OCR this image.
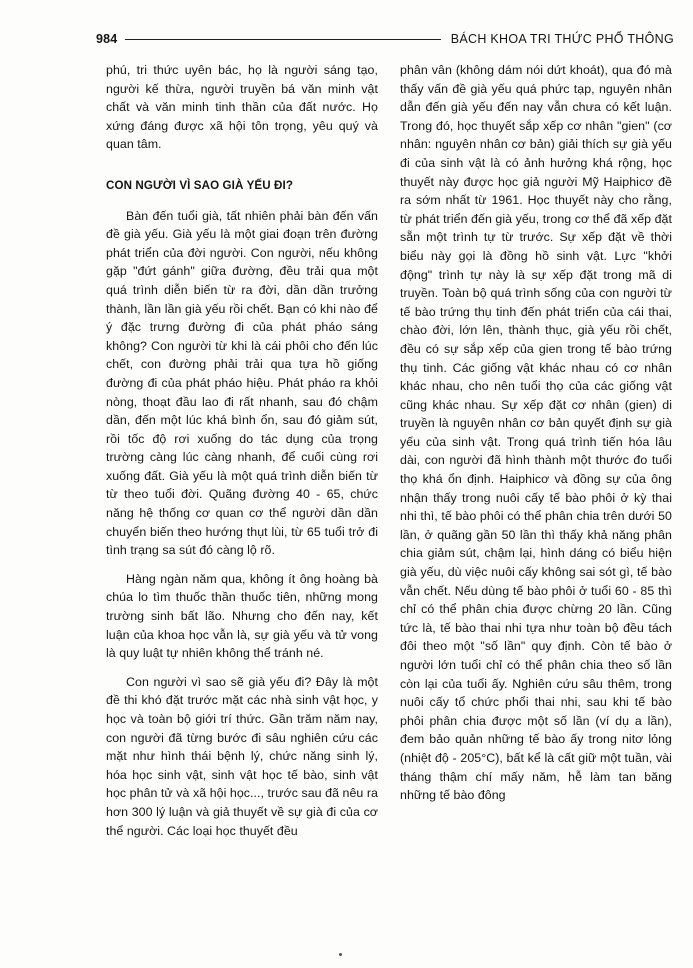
984	BÁCH KHOA TRI THỨC PHỔ THÔNG

phú, tri thức uyên bác, họ là người sáng tạo, người kế thừa, người truyền bá văn minh vật chất và văn minh tinh thần của đất nước. Họ xứng đáng được xã hội tôn trọng, yêu quý và quan tâm.

CON NGƯỜI VÌ SAO GIÀ YẾU ĐI?

Bàn đến tuổi già, tất nhiên phải bàn đến vấn đề già yếu. Già yếu là một giai đoạn trên đường phát triển của đời người. Con người, nếu không gặp "đứt gánh" giữa đường, đều trải qua một quá trình diễn biến từ ra đời, dần dần trưởng thành, lần lần già yếu rồi chết. Bạn có khi nào để ý đặc trưng đường đi của phát pháo sáng không? Con người từ khi là cái phôi cho đến lúc chết, con đường phải trải qua tựa hồ giống đường đi của phát pháo hiệu. Phát pháo ra khỏi nòng, thoạt đầu lao đi rất nhanh, sau đó chậm dần, đến một lúc khá bình ổn, sau đó giảm sút, rồi tốc độ rơi xuống do tác dụng của trọng trường càng lúc càng nhanh, để cuối cùng rơi xuống đất. Già yếu là một quá trình diễn biến từ từ theo tuổi đời. Quãng đường 40 - 65, chức năng hệ thống cơ quan cơ thể người dần dần chuyển biến theo hướng thụt lùi, từ 65 tuổi trở đi tình trạng sa sút đó càng lộ rõ.

Hàng ngàn năm qua, không ít ông hoàng bà chúa lo tìm thuốc thần thuốc tiên, những mong trường sinh bất lão. Nhưng cho đến nay, kết luận của khoa học vẫn là, sự già yếu và tử vong là quy luật tự nhiên không thể tránh né.

Con người vì sao sẽ già yếu đi? Đây là một đề thi khó đặt trước mặt các nhà sinh vật học, y học và toàn bộ giới trí thức. Gần trăm năm nay, con người đã từng bước đi sâu nghiên cứu các mặt như hình thái bệnh lý, chức năng sinh lý, hóa học sinh vật, sinh vật học tế bào, sinh vật học phân tử và xã hội học..., trước sau đã nêu ra hơn 300 lý luận và giả thuyết về sự già đi của cơ thể người. Các loại học thuyết đều

phân vân (không dám nói dứt khoát), qua đó mà thấy vấn đề già yếu quá phức tạp, nguyên nhân dẫn đến già yếu đến nay vẫn chưa có kết luận. Trong đó, học thuyết sắp xếp cơ nhân "gien" (cơ nhân: nguyên nhân cơ bản) giải thích sự già yếu đi của sinh vật là có ảnh hưởng khá rộng, học thuyết này được học giả người Mỹ Haiphicơ đề ra sớm nhất từ 1961. Học thuyết này cho rằng, từ phát triển đến già yếu, trong cơ thể đã xếp đặt sẵn một trình tự từ trước. Sự xếp đặt về thời biểu này gọi là đồng hồ sinh vật. Lực "khởi động" trình tự này là sự xếp đặt trong mã di truyền. Toàn bộ quá trình sống của con người từ tế bào trứng thụ tinh đến phát triển của cái thai, chào đời, lớn lên, thành thục, già yếu rồi chết, đều có sự sắp xếp của gien trong tế bào trứng thụ tinh. Các giống vật khác nhau có cơ nhân khác nhau, cho nên tuổi thọ của các giống vật cũng khác nhau. Sự xếp đặt cơ nhân (gien) di truyền là nguyên nhân cơ bản quyết định sự già yếu của sinh vật. Trong quá trình tiến hóa lâu dài, con người đã hình thành một thước đo tuổi thọ khá ổn định. Haiphicơ và đồng sự của ông nhận thấy trong nuôi cấy tế bào phôi ở kỳ thai nhi thì, tế bào phôi có thể phân chia trên dưới 50 lần, ở quãng gần 50 lần thì thấy khả năng phân chia giảm sút, chậm lại, hình dáng có biểu hiện già yếu, dù việc nuôi cấy không sai sót gì, tế bào vẫn chết. Nếu dùng tế bào phôi ở tuổi 60 - 85 thì chỉ có thể phân chia được chừng 20 lần. Cũng tức là, tế bào thai nhi tựa như toàn bộ đều tách đôi theo một "số lần" quy định. Còn tế bào ở người lớn tuổi chỉ có thể phân chia theo số lần còn lại của tuổi ấy. Nghiên cứu sâu thêm, trong nuôi cấy tổ chức phổi thai nhi, sau khi tế bào phôi phân chia được một số lần (ví dụ a lần), đem bảo quản những tế bào ấy trong nitơ lỏng (nhiệt độ - 205°C), bất kể là cất giữ một tuần, vài tháng thậm chí mấy năm, hễ làm tan băng những tế bào đông
